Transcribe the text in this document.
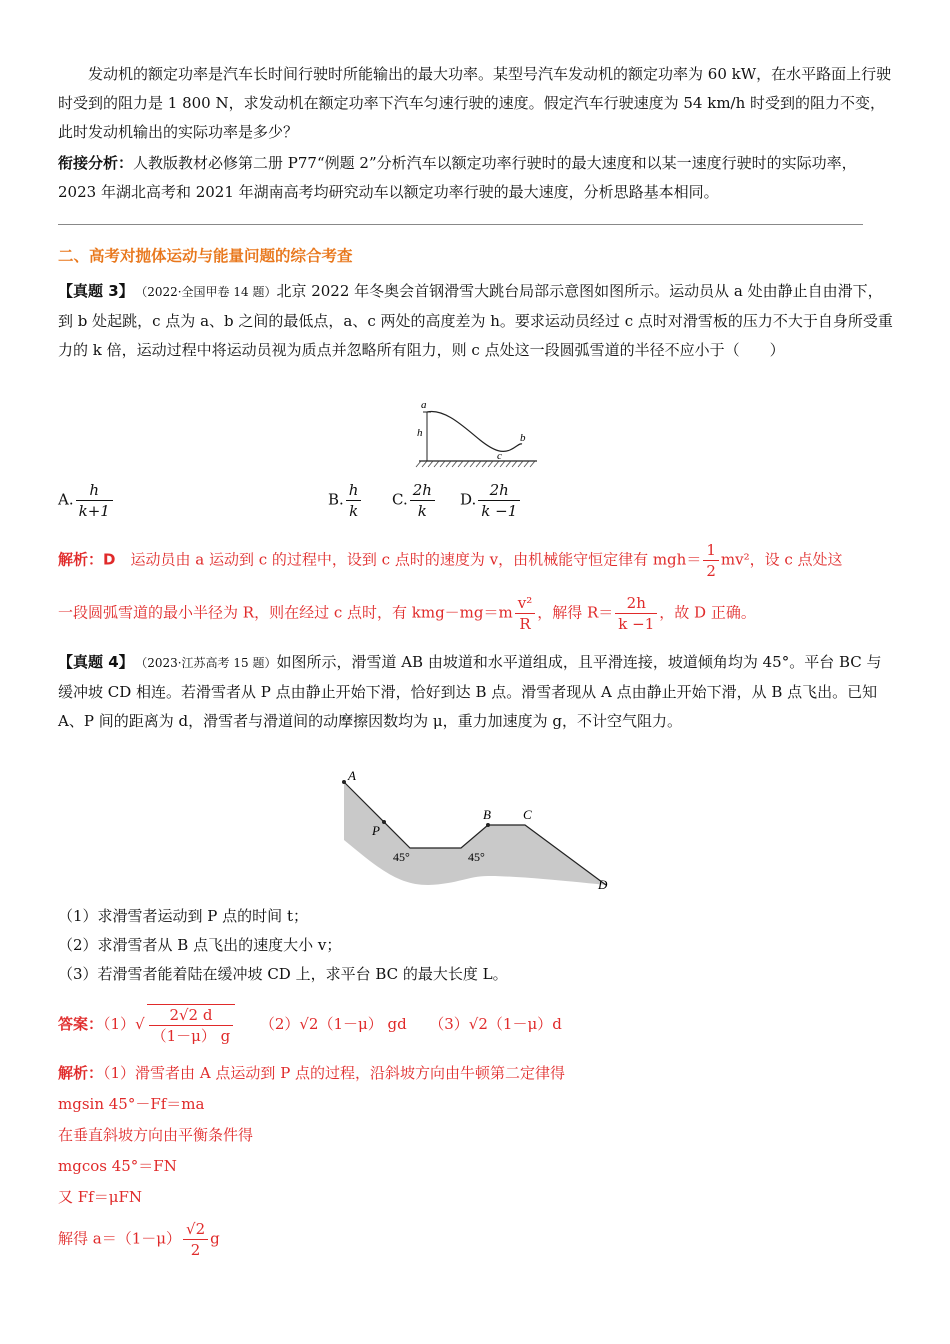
发动机的额定功率是汽车长时间行驶时所能输出的最大功率。某型号汽车发动机的额定功率为 60 kW，在水平路面上行驶时受到的阻力是 1 800 N，求发动机在额定功率下汽车匀速行驶的速度。假定汽车行驶速度为 54 km/h 时受到的阻力不变，此时发动机输出的实际功率是多少？

衔接分析：人教版教材必修第二册 P77“例题 2”分析汽车以额定功率行驶时的最大速度和以某一速度行驶时的实际功率，2023 年湖北高考和 2021 年湖南高考均研究动车以额定功率行驶的最大速度，分析思路基本相同。

二、高考对抛体运动与能量问题的综合考查

【真题 3】　 （2022·全国甲卷 14 题）北京 2022 年冬奥会首钢滑雪大跳台局部示意图如图所示。运动员从 a 处由静止自由滑下，到 b 处起跳，c 点为 a、b 之间的最低点，a、c 两处的高度差为 h。要求运动员经过 c 点时对滑雪板的压力不大于自身所受重力的 k 倍，运动过程中将运动员视为质点并忽略所有阻力，则 c 点处这一段圆弧雪道的半径不应小于（　　）

a
h	b
c
A. $\frac{h}{k+1}$	B. $\frac{h}{k} C$. $\frac{2h}{k} D$. $\frac{2h}{k -1}$

解析：D　 运动员由 a 运动到 c 的过程中，设到 c 点时的速度为 v，由机械能守恒定律有 $mgh= \frac{1}{2} mv^2$，设 c 点处这

一段圆弧雪道的最小半径为 R，则在经过 c 点时，有 $kmg-mg=m \frac{\text{v²}}{R}$ ，解得 $R= \frac{2h}{k -1}$ ，故 D 正确。

【真题 4】　 （2023·江苏高考 15 题）如图所示，滑雪道 AB 由坡道和水平道组成，且平滑连接，坡道倾角均为 45°。平台 BC 与缓冲坡 CD 相连。若滑雪者从 P 点由静止开始下滑，恰好到达 B 点。滑雪者现从 A 点由静止开始下滑，从 B 点飞出。已知 A、P 间的距离为 d，滑雪者与滑道间的动摩擦因数均为 μ，重力加速度为 g，不计空气阻力。

A
P
B C
D
45°	45°

（1）求滑雪者运动到 P 点的时间 t；

（2）求滑雪者从 B 点飞出的速度大小 v；

（3）若滑雪者能着陆在缓冲坡 CD 上，求平台 BC 的最大长度 L。

答案：$(1)√ \frac{2√2 d}{(1-\mu) g}$
　　 （2）√2（1－μ） gd　　 （3）√2（1－μ）d

解析：（1）滑雪者由 A 点运动到 P 点的过程，沿斜坡方向由牛顿第二定律得

mgsin 45°－Ff＝ma

在垂直斜坡方向由平衡条件得

mgcos 45°＝FN

又 Ff＝μFN

解得 $a=(1-\mu) \frac{√2}{2}$ g
